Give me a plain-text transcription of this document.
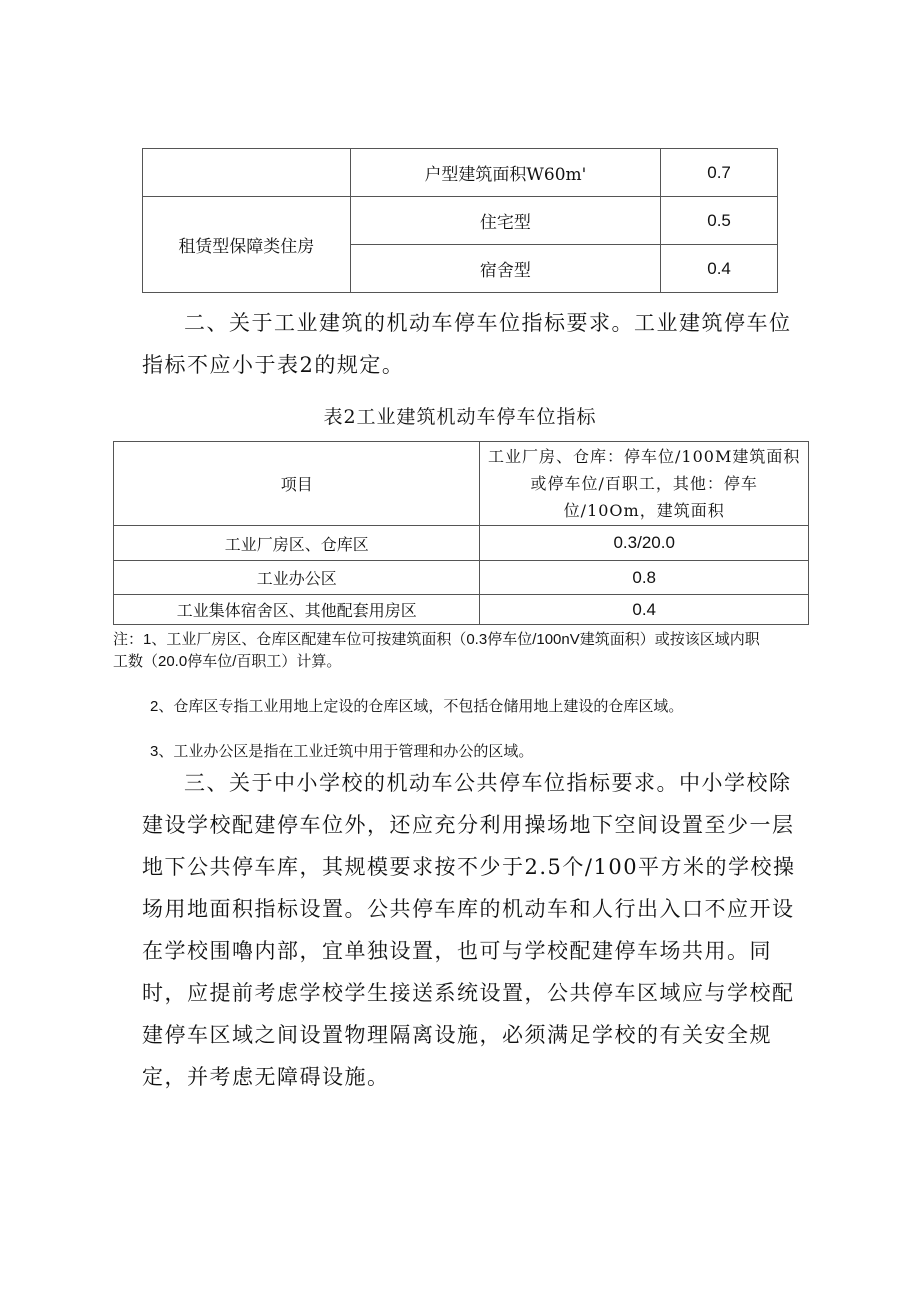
	户型建筑面积W60m'	0.7
租赁型保障类住房	住宅型	0.5
	宿舍型	0.4

二、关于工业建筑的机动车停车位指标要求。工业建筑停车位指标不应小于表2的规定。

表2工业建筑机动车停车位指标
项目	工业厂房、仓库：停车位/100M建筑面积或停车位/百职工，其他：停车位/10Om，建筑面积
工业厂房区、仓库区	0.3/20.0
工业办公区	0.8
工业集体宿舍区、其他配套用房区	0.4
注：1、工业厂房区、仓库区配建车位可按建筑面积（0.3停车位/100nV建筑面积）或按该区域内职工数（20.0停车位/百职工）计算。
2、仓库区专指工业用地上定设的仓库区域，不包括仓储用地上建设的仓库区域。
3、工业办公区是指在工业迁筑中用于管理和办公的区域。

三、关于中小学校的机动车公共停车位指标要求。中小学校除建设学校配建停车位外，还应充分利用操场地下空间设置至少一层地下公共停车库，其规模要求按不少于2.5个/100平方米的学校操场用地面积指标设置。公共停车库的机动车和人行出入口不应开设在学校围嚕内部，宜单独设置，也可与学校配建停车场共用。同时，应提前考虑学校学生接送系统设置，公共停车区域应与学校配建停车区域之间设置物理隔离设施，必须满足学校的有关安全规定，并考虑无障碍设施。
